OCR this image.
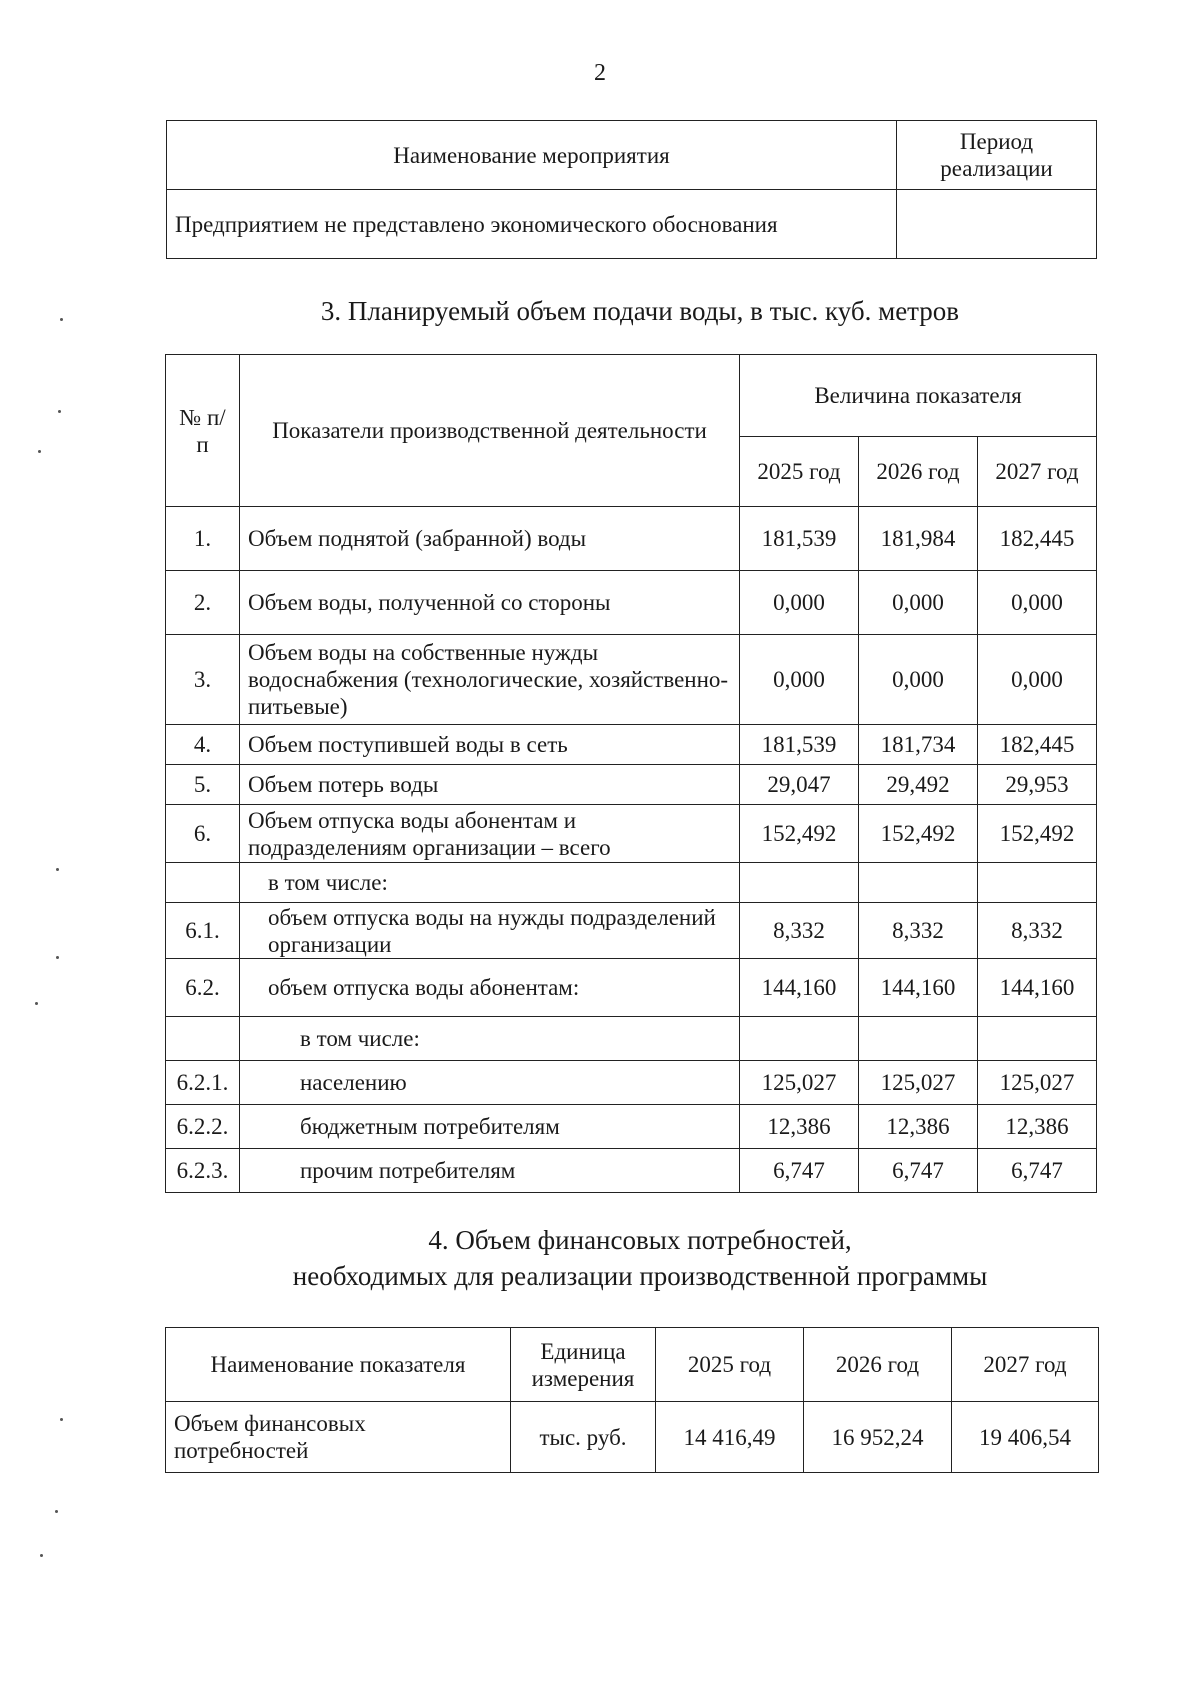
2
Наименование мероприятия	Период реализации
Предприятием не представлено экономического обоснования	
3. Планируемый объем подачи воды, в тыс. куб. метров
№ п/п	Показатели производственной деятельности	Величина показателя		
		2025 год	2026 год	2027 год
1.	Объем поднятой (забранной) воды	181,539	181,984	182,445
2.	Объем воды, полученной со стороны	0,000	0,000	0,000
3.	Объем воды на собственные нужды водоснабжения (технологические, хозяйственно-питьевые)	0,000	0,000	0,000
4.	Объем поступившей воды в сеть	181,539	181,734	182,445
5.	Объем потерь воды	29,047	29,492	29,953
6.	Объем отпуска воды абонентам и подразделениям организации – всего	152,492	152,492	152,492
	в том числе:			
6.1.	объем отпуска воды на нужды подразделений организации	8,332	8,332	8,332
6.2.	объем отпуска воды абонентам:	144,160	144,160	144,160
	в том числе:			
6.2.1.	населению	125,027	125,027	125,027
6.2.2.	бюджетным потребителям	12,386	12,386	12,386
6.2.3.	прочим потребителям	6,747	6,747	6,747
4. Объем финансовых потребностей,
необходимых для реализации производственной программы
Наименование показателя	Единица измерения	2025 год	2026 год	2027 год
Объем финансовых потребностей	тыс. руб.	14 416,49	16 952,24	19 406,54
